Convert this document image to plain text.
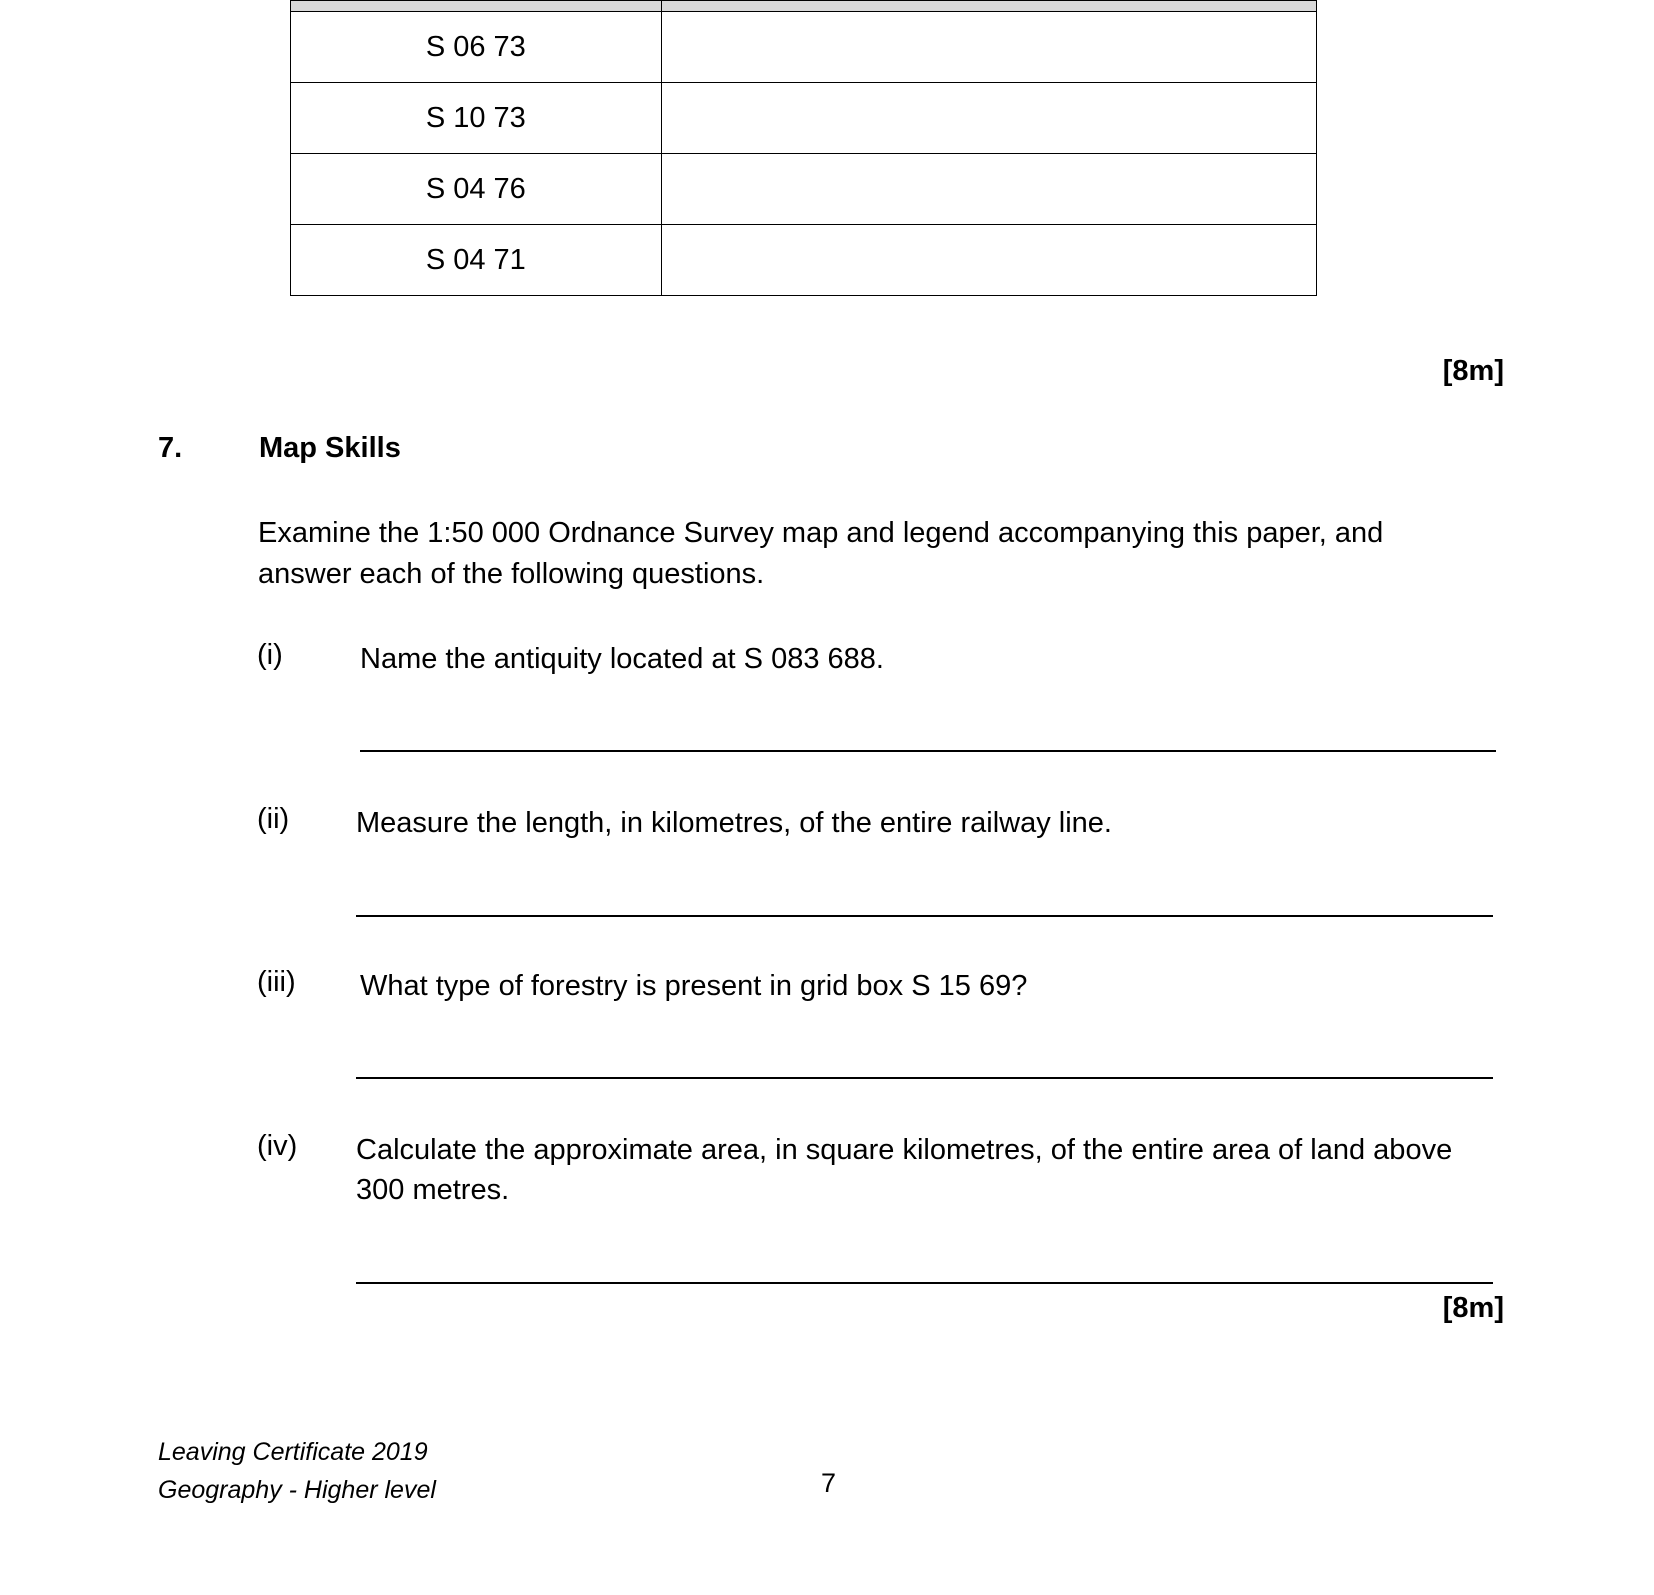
S 06 73	
S 10 73	
S 04 76	
S 04 71	
[8m]
7.	Map Skills
Examine the 1:50 000 Ordnance Survey map and legend accompanying this paper, and answer each of the following questions.
(i)	Name the antiquity located at S 083 688.
(ii) Measure the length, in kilometres, of the entire railway line.
(iii) What type of forestry is present in grid box S 15 69?
(iv) Calculate the approximate area, in square kilometres, of the entire area of land above 300 metres.
[8m]
Leaving Certificate 2019
Geography - Higher level	7
